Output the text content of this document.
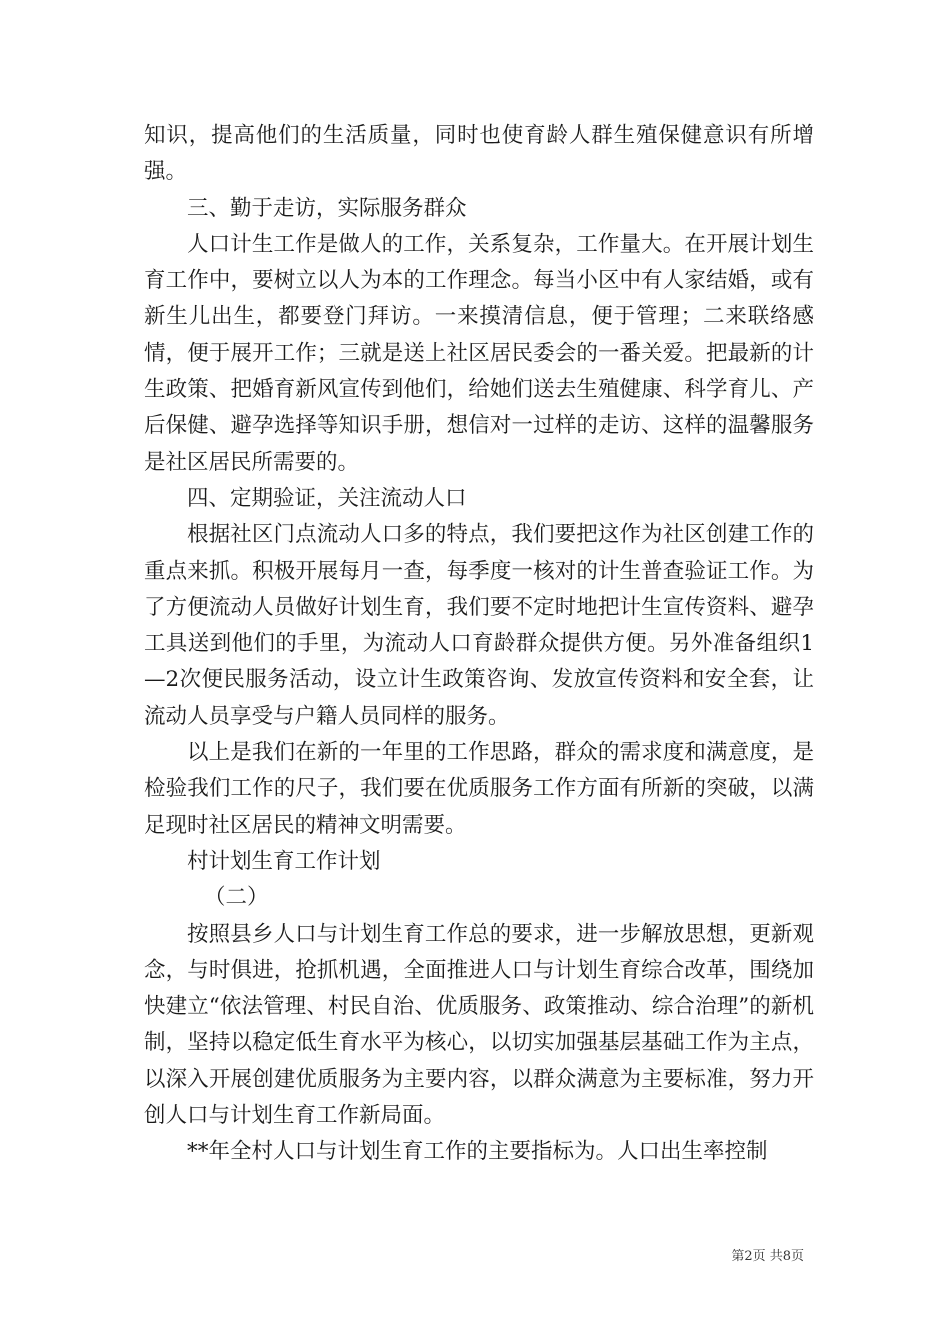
知识，提高他们的生活质量，同时也使育龄人群生殖保健意识有所增强。

三、勤于走访，实际服务群众

人口计生工作是做人的工作，关系复杂，工作量大。在开展计划生育工作中，要树立以人为本的工作理念。每当小区中有人家结婚，或有新生儿出生，都要登门拜访。一来摸清信息，便于管理；二来联络感情，便于展开工作；三就是送上社区居民委会的一番关爱。把最新的计生政策、把婚育新风宣传到他们，给她们送去生殖健康、科学育儿、产后保健、避孕选择等知识手册，想信对一过样的走访、这样的温馨服务是社区居民所需要的。

四、定期验证，关注流动人口

根据社区门点流动人口多的特点，我们要把这作为社区创建工作的重点来抓。积极开展每月一查，每季度一核对的计生普查验证工作。为了方便流动人员做好计划生育，我们要不定时地把计生宣传资料、避孕工具送到他们的手里，为流动人口育龄群众提供方便。另外准备组织1—2次便民服务活动，设立计生政策咨询、发放宣传资料和安全套，让流动人员享受与户籍人员同样的服务。

以上是我们在新的一年里的工作思路，群众的需求度和满意度，是检验我们工作的尺子，我们要在优质服务工作方面有所新的突破，以满足现时社区居民的精神文明需要。

村计划生育工作计划

（二）

按照县乡人口与计划生育工作总的要求，进一步解放思想，更新观念，与时俱进，抢抓机遇，全面推进人口与计划生育综合改革，围绕加快建立“依法管理、村民自治、优质服务、政策推动、综合治理”的新机制，坚持以稳定低生育水平为核心，以切实加强基层基础工作为主点，以深入开展创建优质服务为主要内容，以群众满意为主要标准，努力开创人口与计划生育工作新局面。

**年全村人口与计划生育工作的主要指标为。人口出生率控制

第2页 共8页
